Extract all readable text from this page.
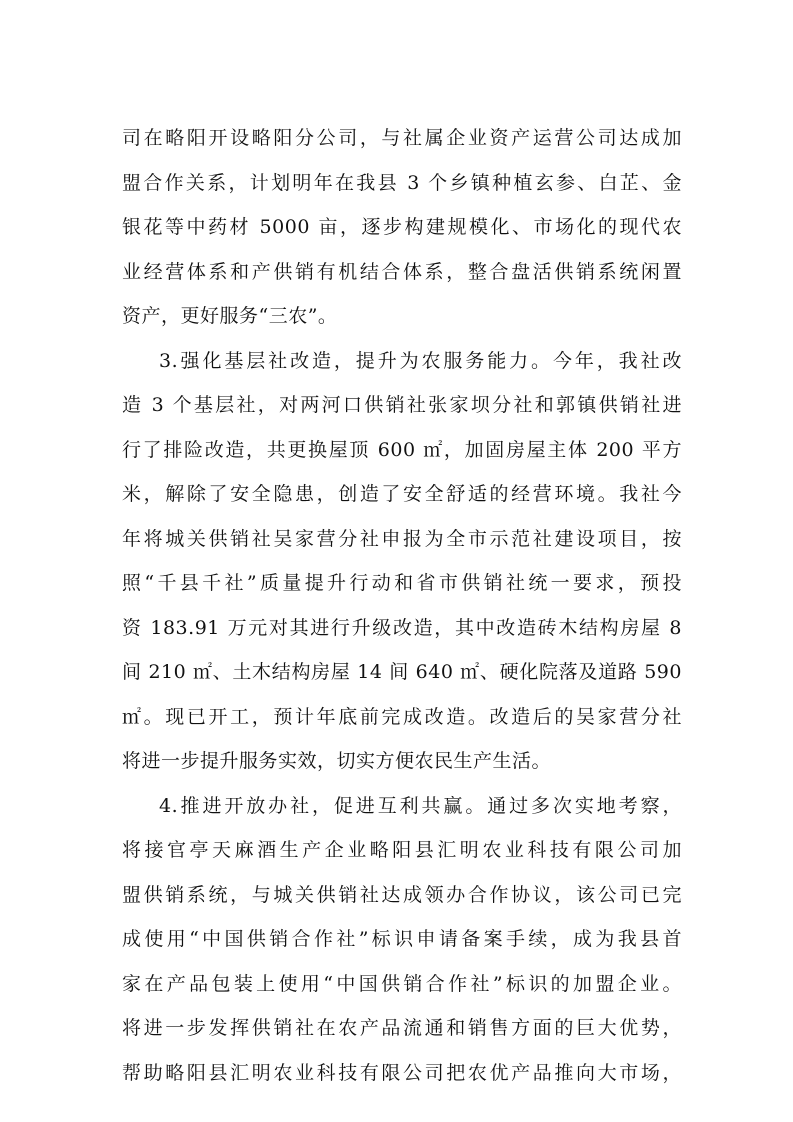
司在略阳开设略阳分公司，与社属企业资产运营公司达成加
盟合作关系，计划明年在我县 3 个乡镇种植玄参、白芷、金
银花等中药材 5000 亩，逐步构建规模化、市场化的现代农
业经营体系和产供销有机结合体系，整合盘活供销系统闲置
资产，更好服务“三农”。
3.强化基层社改造，提升为农服务能力。今年，我社改
造 3 个基层社，对两河口供销社张家坝分社和郭镇供销社进
行了排险改造，共更换屋顶 600 ㎡，加固房屋主体 200 平方
米，解除了安全隐患，创造了安全舒适的经营环境。我社今
年将城关供销社吴家营分社申报为全市示范社建设项目，按
照“千县千社”质量提升行动和省市供销社统一要求，预投
资 183.91 万元对其进行升级改造，其中改造砖木结构房屋 8
间 210 ㎡、土木结构房屋 14 间 640 ㎡、硬化院落及道路 590
㎡。现已开工，预计年底前完成改造。改造后的吴家营分社
将进一步提升服务实效，切实方便农民生产生活。
4.推进开放办社，促进互利共赢。通过多次实地考察，
将接官亭天麻酒生产企业略阳县汇明农业科技有限公司加
盟供销系统，与城关供销社达成领办合作协议，该公司已完
成使用“中国供销合作社”标识申请备案手续，成为我县首
家在产品包装上使用“中国供销合作社”标识的加盟企业。
将进一步发挥供销社在农产品流通和销售方面的巨大优势，
帮助略阳县汇明农业科技有限公司把农优产品推向大市场，
